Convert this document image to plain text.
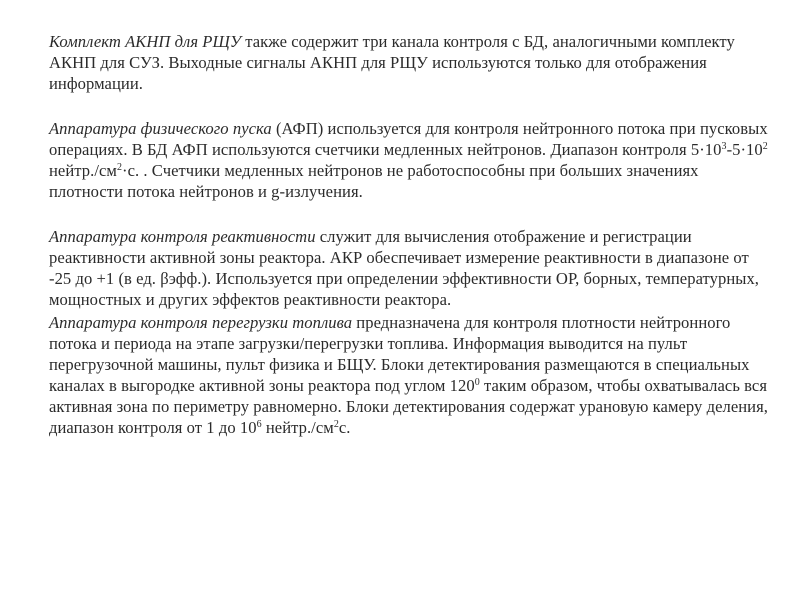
Комплект АКНП для РЩУ также содержит три канала контроля с БД, аналогичными комплекту АКНП для СУЗ. Выходные сигналы АКНП для РЩУ используются только для отображения информации.

Аппаратура физического пуска (АФП) используется для контроля нейтронного потока при пусковых операциях. В БД АФП используются счетчики медленных нейтронов. Диапазон контроля $5\cdot 10^3-5\cdot 10^2$ $нейтр./см^2\cdot с$. . Счетчики медленных нейтронов не работоспособны при больших значениях плотности потока нейтронов и g-излучения.

Аппаратура контроля реактивности служит для вычисления отображение и регистрации реактивности активной зоны реактора. АКР обеспечивает измерение реактивности в диапазоне от -25 до +1 (в ед. βэфф.). Используется при определении эффективности ОР, борных, температурных, мощностных и других эффектов реактивности реактора.

Аппаратура контроля перегрузки топлива предназначена для контроля плотности нейтронного потока и периода на этапе загрузки/перегрузки топлива. Информация выводится на пульт перегрузочной машины, пульт физика и БЩУ. Блоки детектирования размещаются в специальных каналах в выгородке активной зоны реактора под углом $120^0$ таким образом, чтобы охватывалась вся активная зона по периметру равномерно. Блоки детектирования содержат урановую камеру деления, диапазон контроля от 1 до $10^6$ $нейтр./см^2с$.
